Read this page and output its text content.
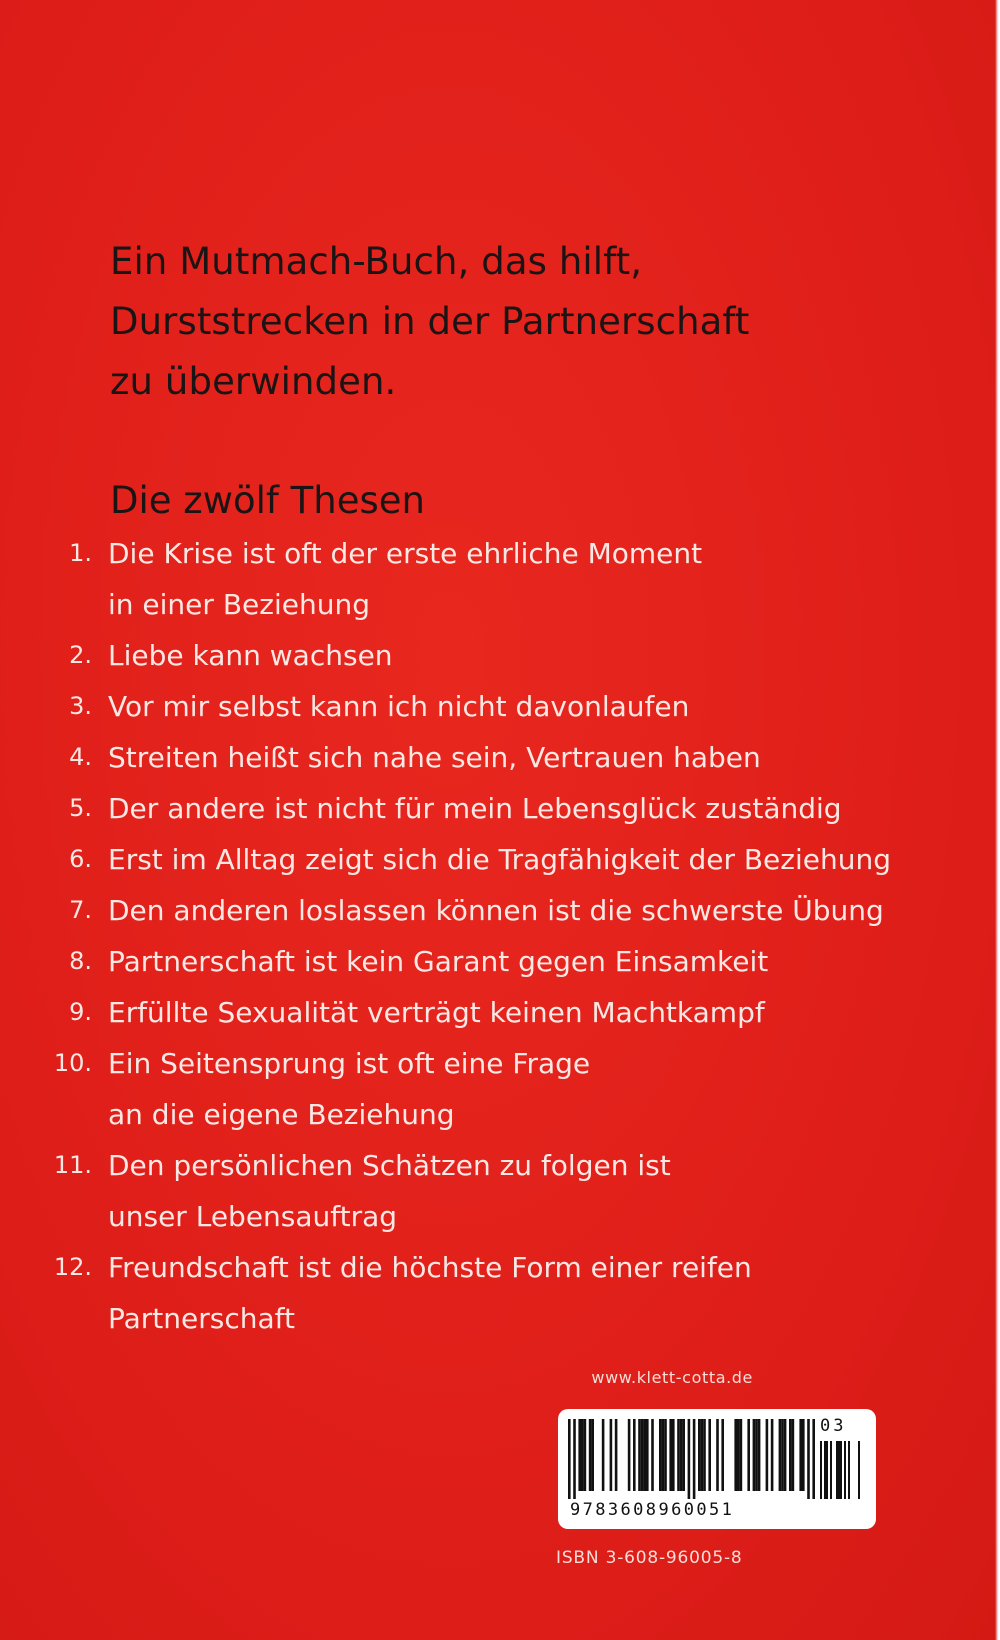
Ein Mutmach-Buch, das hilft,
Durststrecken in der Partnerschaft
zu überwinden.
Die zwölf Thesen
1. Die Krise ist oft der erste ehrliche Moment
in einer Beziehung
2. Liebe kann wachsen
3. Vor mir selbst kann ich nicht davonlaufen
4. Streiten heißt sich nahe sein, Vertrauen haben
5. Der andere ist nicht für mein Lebensglück zuständig
6. Erst im Alltag zeigt sich die Tragfähigkeit der Beziehung
7. Den anderen loslassen können ist die schwerste Übung
8. Partnerschaft ist kein Garant gegen Einsamkeit
9. Erfüllte Sexualität verträgt keinen Machtkampf
10. Ein Seitensprung ist oft eine Frage
an die eigene Beziehung
11. Den persönlichen Schätzen zu folgen ist
unser Lebensauftrag
12. Freundschaft ist die höchste Form einer reifen
Partnerschaft
www.klett-cotta.de
03
9783608960051
ISBN 3-608-96005-8
